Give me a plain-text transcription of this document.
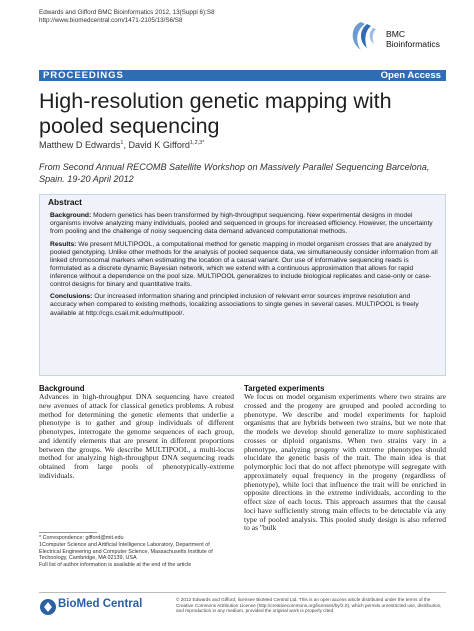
Edwards and Gifford BMC Bioinformatics 2012, 13(Suppl 6):S8
http://www.biomedcentral.com/1471-2105/13/S6/S8
BMC
Bioinformatics
PROCEEDINGS	Open Access
High-resolution genetic mapping with pooled sequencing
Matthew D Edwards$^1$, David K Gifford$^{1,2,3*}$
From Second Annual RECOMB Satellite Workshop on Massively Parallel Sequencing Barcelona, Spain. 19-20 April 2012
Abstract

Background: Modern genetics has been transformed by high-throughput sequencing. New experimental designs in model organisms involve analyzing many individuals, pooled and sequenced in groups for increased efficiency. However, the uncertainty from pooling and the challenge of noisy sequencing data demand advanced computational methods.

Results: We present MULTIPOOL, a computational method for genetic mapping in model organism crosses that are analyzed by pooled genotyping. Unlike other methods for the analysis of pooled sequence data, we simultaneously consider information from all linked chromosomal markers when estimating the location of a causal variant. Our use of informative sequencing reads is formulated as a discrete dynamic Bayesian network, which we extend with a continuous approximation that allows for rapid inference without a dependence on the pool size. MULTIPOOL generalizes to include biological replicates and case-only or case-control designs for binary and quantitative traits.

Conclusions: Our increased information sharing and principled inclusion of relevant error sources improve resolution and accuracy when compared to existing methods, localizing associations to single genes in several cases. MULTIPOOL is freely available at http://cgs.csail.mit.edu/multipool/.

Background

Advances in high-throughput DNA sequencing have created new avenues of attack for classical genetics problems. A robust method for determining the genetic elements that underlie a phenotype is to gather and group individuals of different phenotypes, interrogate the genome sequences of each group, and identify elements that are present in different proportions between the groups. We describe MULTIPOOL, a multi-locus method for analyzing high-throughput DNA sequencing reads obtained from large pools of phenotypically-extreme individuals.

Targeted experiments

We focus on model organism experiments where two strains are crossed and the progeny are grouped and pooled according to phenotype. We describe and model experiments for haploid organisms that are hybrids between two strains, but we note that the models we develop should generalize to more sophisticated crosses or diploid organisms. When two strains vary in a phenotype, analyzing progeny with extreme phenotypes should elucidate the genetic basis of the trait. The main idea is that polymorphic loci that do not affect phenotype will segregate with approximately equal frequency in the progeny (regardless of phenotype), while loci that influence the trait will be enriched in opposite directions in the extreme individuals, according to the effect size of each locus. This approach assumes that the causal loci have sufficiently strong main effects to be detectable via any type of pooled analysis. This pooled study design is also referred to as "bulk

* Correspondence: gifford@mit.edu
1Computer Science and Artificial Intelligence Laboratory, Department of Electrical Engineering and Computer Science, Massachusetts Institute of Technology, Cambridge, MA 02139, USA
Full list of author information is available at the end of the article
BioMed Central	© 2012 Edwards and Gifford; licensee BioMed Central Ltd. This is an open access article distributed under the terms of the Creative Commons Attribution License (http://creativecommons.org/licenses/by/2.0), which permits unrestricted use, distribution, and reproduction in any medium, provided the original work is properly cited.
